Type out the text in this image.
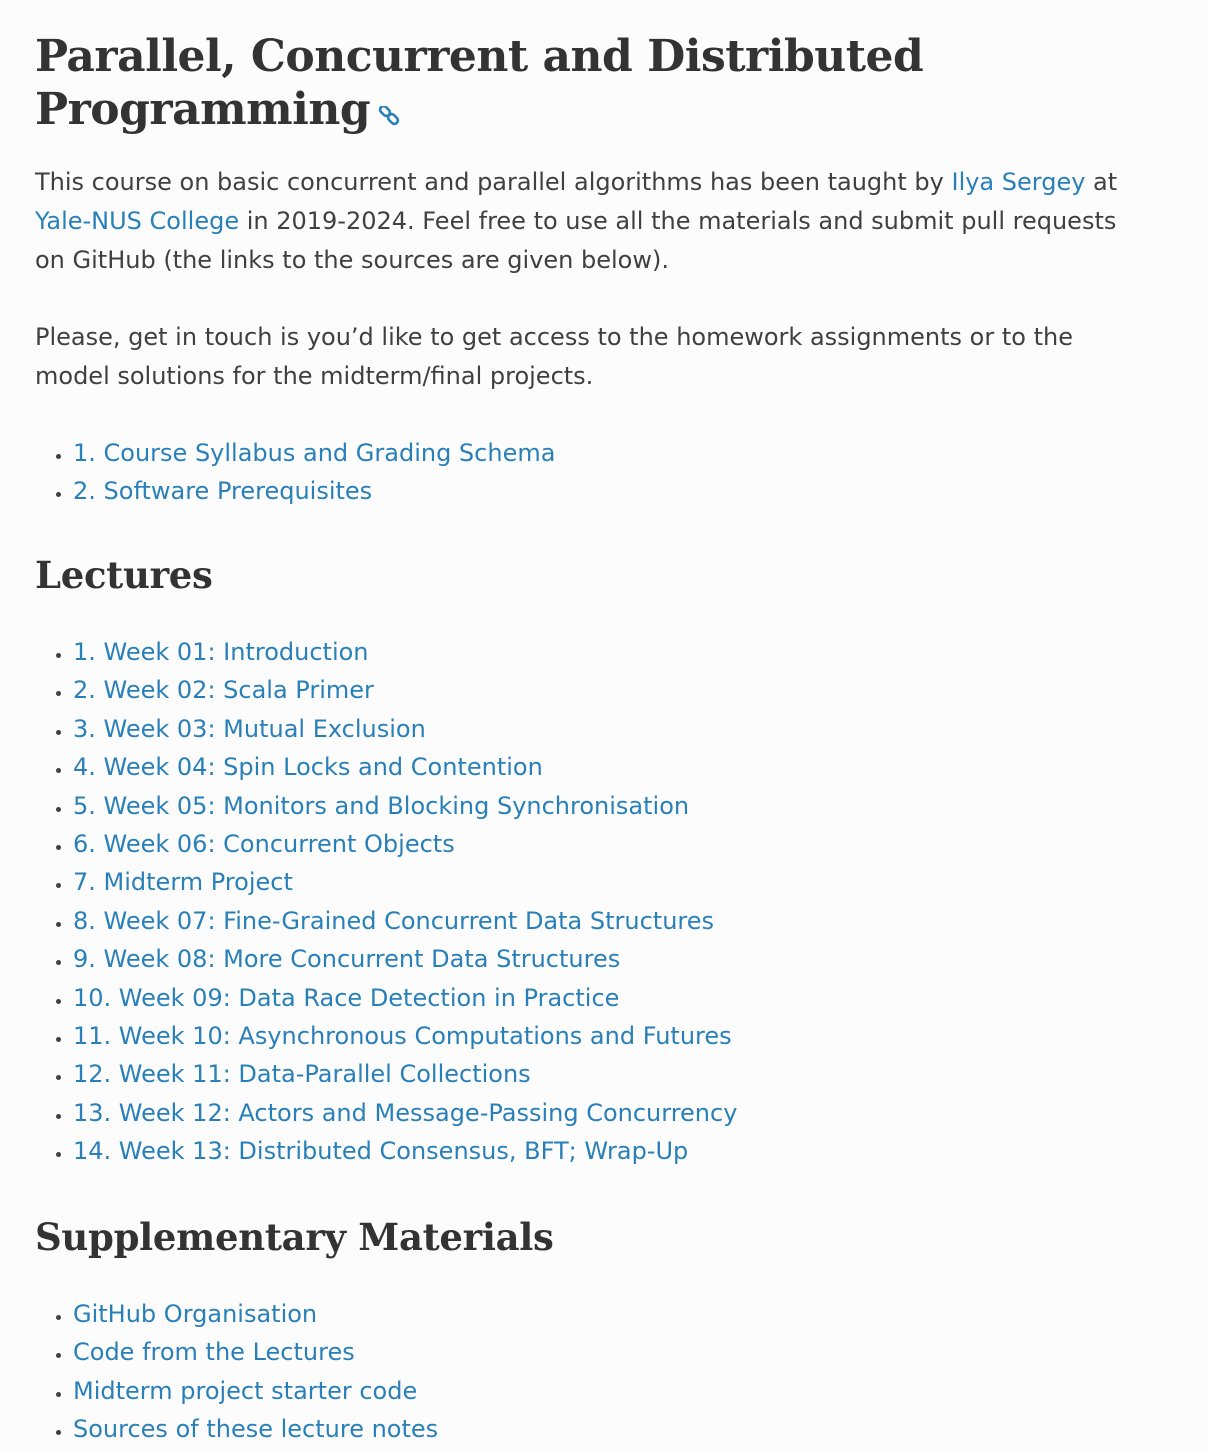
Parallel, Concurrent and Distributed Programming

This course on basic concurrent and parallel algorithms has been taught by Ilya Sergey at Yale-NUS College in 2019-2024. Feel free to use all the materials and submit pull requests on GitHub (the links to the sources are given below).

Please, get in touch is you’d like to get access to the homework assignments or to the model solutions for the midterm/final projects.

• 1. Course Syllabus and Grading Schema
• 2. Software Prerequisites
Lectures
• 1. Week 01: Introduction
• 2. Week 02: Scala Primer
• 3. Week 03: Mutual Exclusion
• 4. Week 04: Spin Locks and Contention
• 5. Week 05: Monitors and Blocking Synchronisation
• 6. Week 06: Concurrent Objects
• 7. Midterm Project
• 8. Week 07: Fine-Grained Concurrent Data Structures
• 9. Week 08: More Concurrent Data Structures
• 10. Week 09: Data Race Detection in Practice
• 11. Week 10: Asynchronous Computations and Futures
• 12. Week 11: Data-Parallel Collections
• 13. Week 12: Actors and Message-Passing Concurrency
• 14. Week 13: Distributed Consensus, BFT; Wrap-Up
Supplementary Materials
• GitHub Organisation
• Code from the Lectures
• Midterm project starter code
• Sources of these lecture notes
